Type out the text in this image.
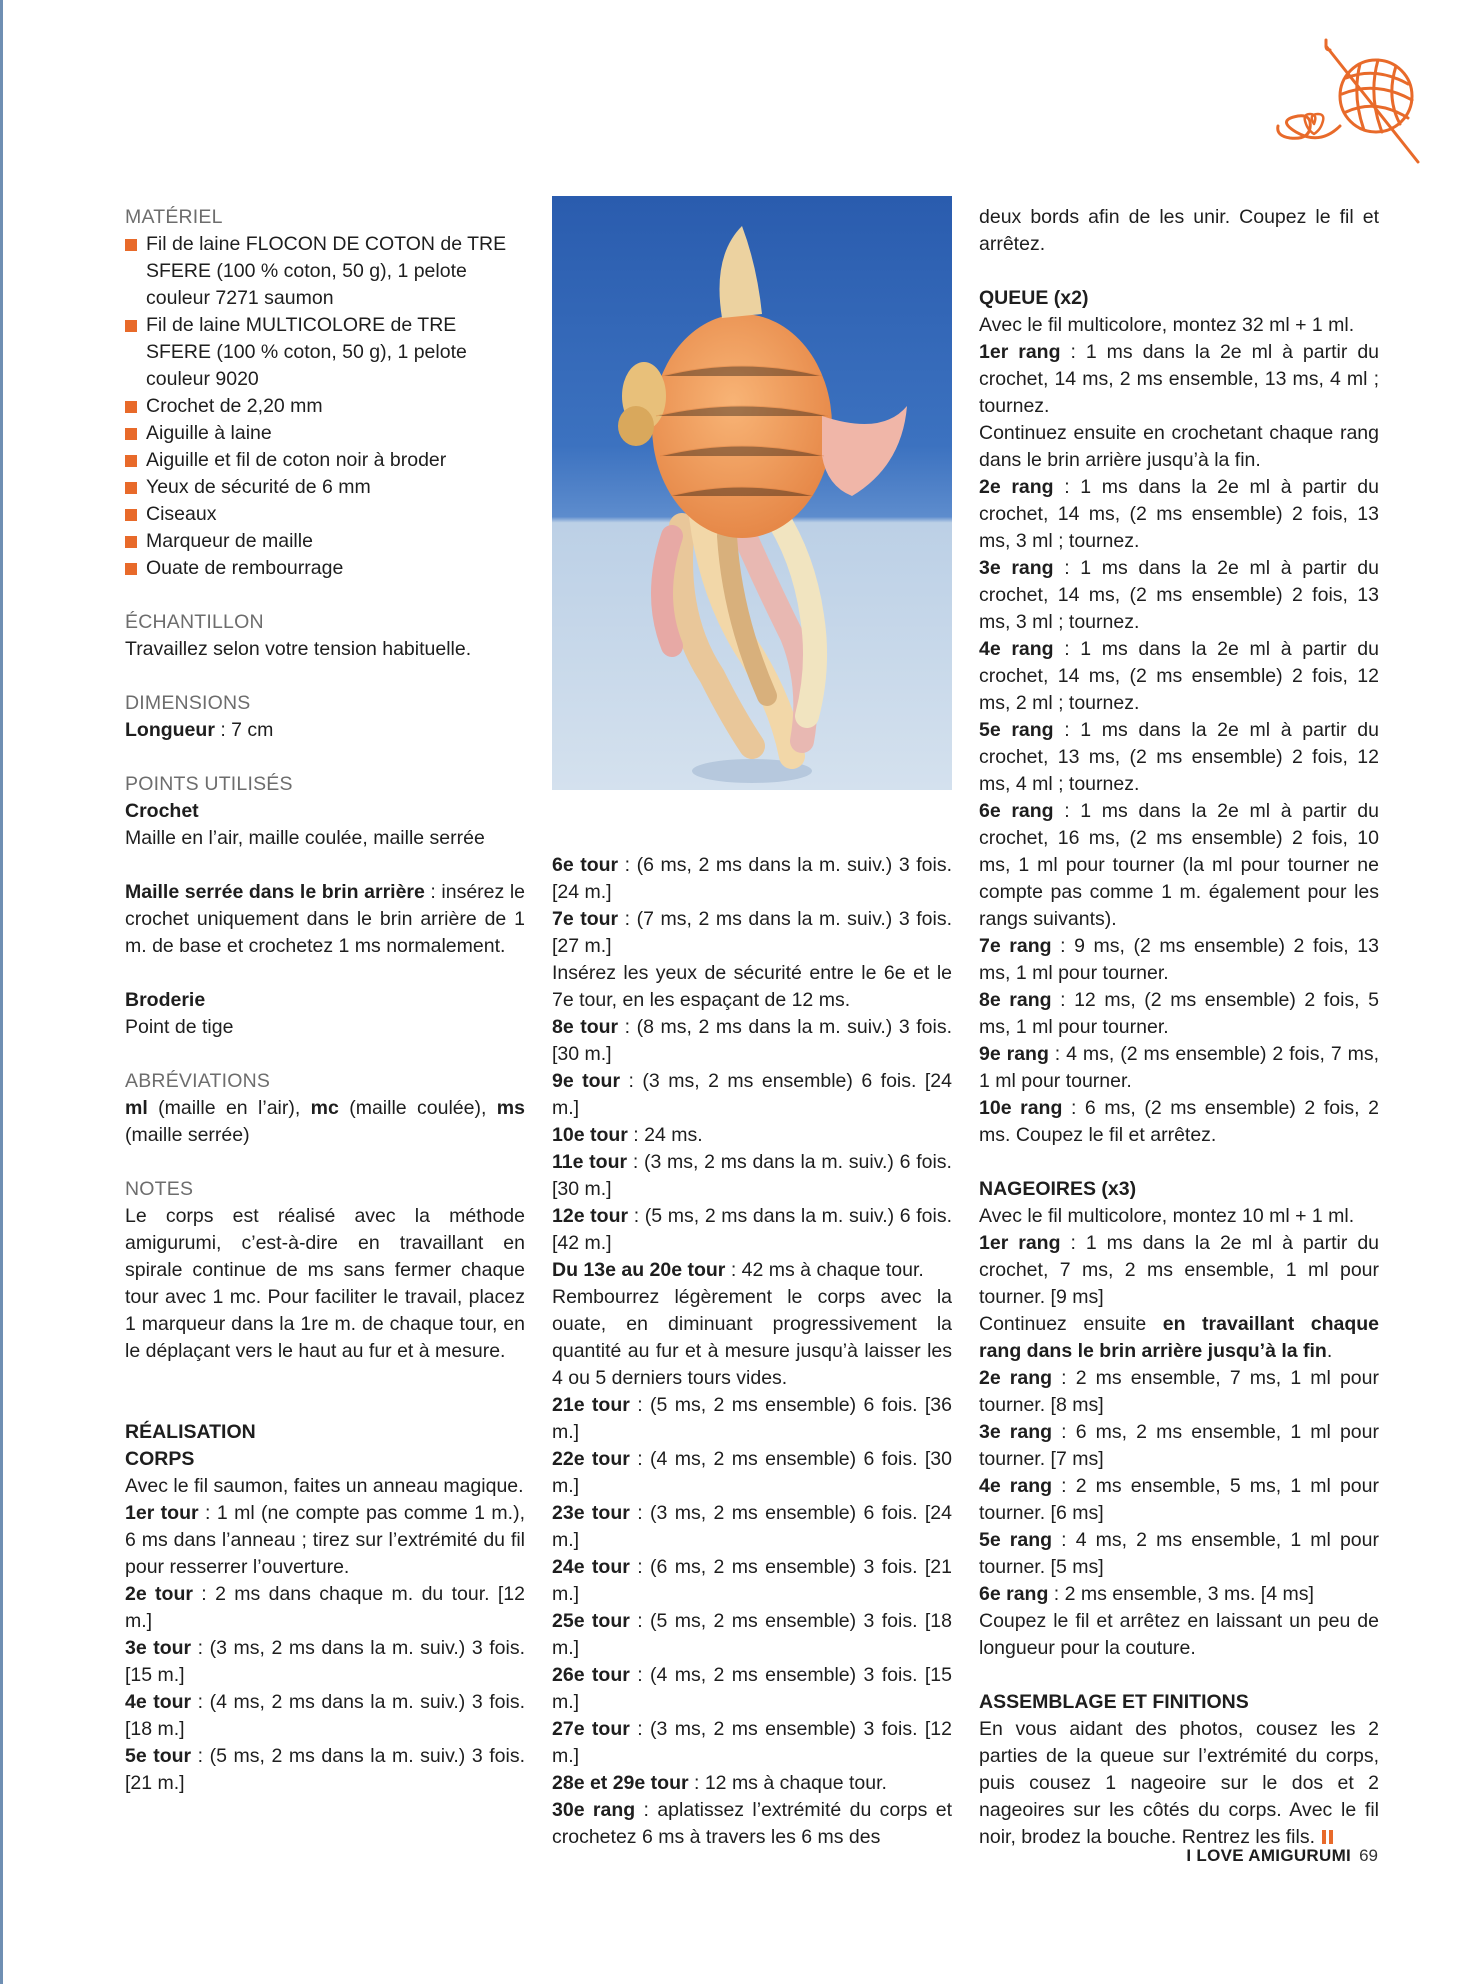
MATÉRIEL
Fil de laine FLOCON DE COTON de TRE SFERE (100 % coton, 50 g), 1 pelote couleur 7271 saumon
Fil de laine MULTICOLORE de TRE SFERE (100 % coton, 50 g), 1 pelote couleur 9020
Crochet de 2,20 mm
Aiguille à laine
Aiguille et fil de coton noir à broder
Yeux de sécurité de 6 mm
Ciseaux
Marqueur de maille
Ouate de rembourrage
ÉCHANTILLON
Travaillez selon votre tension habituelle.
DIMENSIONS
Longueur : 7 cm
POINTS UTILISÉS
Crochet
Maille en l’air, maille coulée, maille serrée
Maille serrée dans le brin arrière : insérez le crochet uniquement dans le brin arrière de 1 m. de base et crochetez 1 ms normalement.
Broderie
Point de tige
ABRÉVIATIONS
ml (maille en l’air), mc (maille coulée), ms (maille serrée)
NOTES
Le corps est réalisé avec la méthode amigurumi, c’est-à-dire en travaillant en spirale continue de ms sans fermer chaque tour avec 1 mc. Pour faciliter le travail, placez 1 marqueur dans la 1re m. de chaque tour, en le déplaçant vers le haut au fur et à mesure.
RÉALISATION
CORPS
Avec le fil saumon, faites un anneau magique.
1er tour : 1 ml (ne compte pas comme 1 m.), 6 ms dans l’anneau ; tirez sur l’extrémité du fil pour resserrer l’ouverture.
2e tour : 2 ms dans chaque m. du tour. [12 m.]
3e tour : (3 ms, 2 ms dans la m. suiv.) 3 fois. [15 m.]
4e tour : (4 ms, 2 ms dans la m. suiv.) 3 fois. [18 m.]
5e tour : (5 ms, 2 ms dans la m. suiv.) 3 fois. [21 m.]
6e tour : (6 ms, 2 ms dans la m. suiv.) 3 fois. [24 m.]
7e tour : (7 ms, 2 ms dans la m. suiv.) 3 fois. [27 m.]
Insérez les yeux de sécurité entre le 6e et le 7e tour, en les espaçant de 12 ms.
8e tour : (8 ms, 2 ms dans la m. suiv.) 3 fois. [30 m.]
9e tour : (3 ms, 2 ms ensemble) 6 fois. [24 m.]
10e tour : 24 ms.
11e tour : (3 ms, 2 ms dans la m. suiv.) 6 fois. [30 m.]
12e tour : (5 ms, 2 ms dans la m. suiv.) 6 fois. [42 m.]
Du 13e au 20e tour : 42 ms à chaque tour.
Rembourrez légèrement le corps avec la ouate, en diminuant progressivement la quantité au fur et à mesure jusqu’à laisser les 4 ou 5 derniers tours vides.
21e tour : (5 ms, 2 ms ensemble) 6 fois. [36 m.]
22e tour : (4 ms, 2 ms ensemble) 6 fois. [30 m.]
23e tour : (3 ms, 2 ms ensemble) 6 fois. [24 m.]
24e tour : (6 ms, 2 ms ensemble) 3 fois. [21 m.]
25e tour : (5 ms, 2 ms ensemble) 3 fois. [18 m.]
26e tour : (4 ms, 2 ms ensemble) 3 fois. [15 m.]
27e tour : (3 ms, 2 ms ensemble) 3 fois. [12 m.]
28e et 29e tour : 12 ms à chaque tour.
30e rang : aplatissez l’extrémité du corps et crochetez 6 ms à travers les 6 ms des
deux bords afin de les unir. Coupez le fil et arrêtez.
QUEUE (x2)
Avec le fil multicolore, montez 32 ml + 1 ml.
1er rang : 1 ms dans la 2e ml à partir du crochet, 14 ms, 2 ms ensemble, 13 ms, 4 ml ; tournez.
Continuez ensuite en crochetant chaque rang dans le brin arrière jusqu’à la fin.
2e rang : 1 ms dans la 2e ml à partir du crochet, 14 ms, (2 ms ensemble) 2 fois, 13 ms, 3 ml ; tournez.
3e rang : 1 ms dans la 2e ml à partir du crochet, 14 ms, (2 ms ensemble) 2 fois, 13 ms, 3 ml ; tournez.
4e rang : 1 ms dans la 2e ml à partir du crochet, 14 ms, (2 ms ensemble) 2 fois, 12 ms, 2 ml ; tournez.
5e rang : 1 ms dans la 2e ml à partir du crochet, 13 ms, (2 ms ensemble) 2 fois, 12 ms, 4 ml ; tournez.
6e rang : 1 ms dans la 2e ml à partir du crochet, 16 ms, (2 ms ensemble) 2 fois, 10 ms, 1 ml pour tourner (la ml pour tourner ne compte pas comme 1 m. également pour les rangs suivants).
7e rang : 9 ms, (2 ms ensemble) 2 fois, 13 ms, 1 ml pour tourner.
8e rang : 12 ms, (2 ms ensemble) 2 fois, 5 ms, 1 ml pour tourner.
9e rang : 4 ms, (2 ms ensemble) 2 fois, 7 ms, 1 ml pour tourner.
10e rang : 6 ms, (2 ms ensemble) 2 fois, 2 ms. Coupez le fil et arrêtez.
NAGEOIRES (x3)
Avec le fil multicolore, montez 10 ml + 1 ml.
1er rang : 1 ms dans la 2e ml à partir du crochet, 7 ms, 2 ms ensemble, 1 ml pour tourner. [9 ms]
Continuez ensuite en travaillant chaque rang dans le brin arrière jusqu’à la fin.
2e rang : 2 ms ensemble, 7 ms, 1 ml pour tourner. [8 ms]
3e rang : 6 ms, 2 ms ensemble, 1 ml pour tourner. [7 ms]
4e rang : 2 ms ensemble, 5 ms, 1 ml pour tourner. [6 ms]
5e rang : 4 ms, 2 ms ensemble, 1 ml pour tourner. [5 ms]
6e rang : 2 ms ensemble, 3 ms. [4 ms]
Coupez le fil et arrêtez en laissant un peu de longueur pour la couture.
ASSEMBLAGE ET FINITIONS
En vous aidant des photos, cousez les 2 parties de la queue sur l’extrémité du corps, puis cousez 1 nageoire sur le dos et 2 nageoires sur les côtés du corps. Avec le fil noir, brodez la bouche. Rentrez les fils.
I LOVE AMIGURUMI 69
